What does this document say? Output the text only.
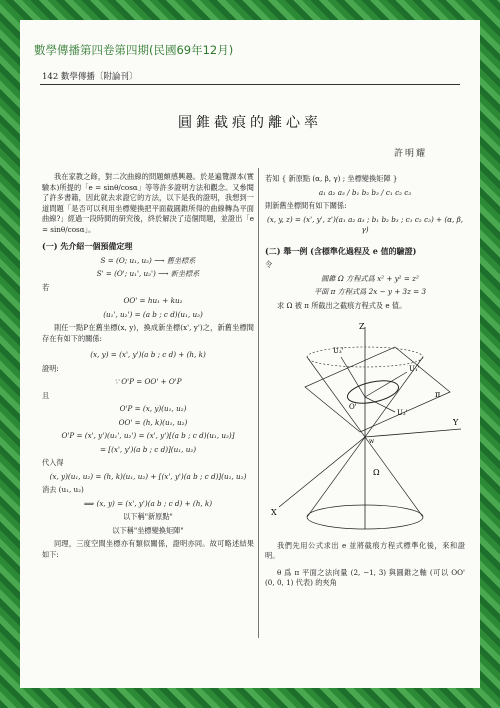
數學傳播第四卷第四期(民國69年12月)
142 數學傳播〔附論刊〕
圓錐截痕的離心率
許明耀

我在家教之餘，對二次曲線的問題頗感興趣。於是遍覽課本(實驗本)所提的「e = sinθ/cosα」等等許多證明方法和觀念。又參閱了許多書籍，因此就去求證它的方法，以下是我的證明，我想到一道問題「是否可以利用坐標變換把平面截圓錐所得的曲線轉為平面曲線?」經過一段時間的研究後，終於解決了這個問題，並證出「e = sinθ/cosα」。

(一) 先介紹一個預備定理
S = (O; u₁, u₂) ⟶ 舊坐標系
S' = (O'; u₁', u₂') ⟶ 新坐標系
若
OO' = hu₁ + ku₂
(u₁', u₂') = (a b ; c d)(u₁, u₂)

則任一點P在舊坐標(x, y)，換成新坐標(x', y')之，新舊坐標間存在有如下的關係:

(x, y) = (x', y')(a b ; c d) + (h, k)
證明:
∵ O'P = OO' + O'P
且
O'P = (x, y)(u₁, u₂)
OO' = (h, k)(u₁, u₂)
O'P = (x', y')(u₁', u₂') = (x', y')[(a b ; c d)(u₁, u₂)]
= [(x', y')(a b ; c d)](u₁, u₂)
代入得
(x, y)(u₁, u₂) = (h, k)(u₁, u₂) + [(x', y')(a b ; c d)](u₁, u₂)
消去 (u₁, u₂)
⟹ (x, y) = (x', y')(a b ; c d) + (h, k)
以下稱"新原點"
以下稱"坐標變換矩陣"

同理，三度空間坐標亦有類似關係，證明亦同。故可略述結果如下:

若知 { 新原點 (α, β, γ) ; 坐標變換矩陣 }
a₁ a₂ a₃ / b₁ b₂ b₃ / c₁ c₂ c₃
則新舊坐標間有如下關係:
(x, y, z) = (x', y', z')(a₁ a₂ a₃ ; b₁ b₂ b₃ ; c₁ c₂ c₃) + (α, β, γ)
(二) 舉一例 (含標準化過程及 e 值的驗證)
令
圓錐 Ω 方程式爲 x² + y² = z²
平面 π 方程式爲 2x − y + 3z = 3

求 Ω 被 π 所截出之截痕方程式及 e 值。

Z
Y
X
U₃'
U₁'
U₂'
O'
π
Ω
w

我們先用公式求出 e 並將截痕方程式標準化後，來和證明。

θ 爲 π 平面之法向量 (2, −1, 3) 與圓錐之軸 (可以 OO' (0, 0, 1) 代表) 的夾角
